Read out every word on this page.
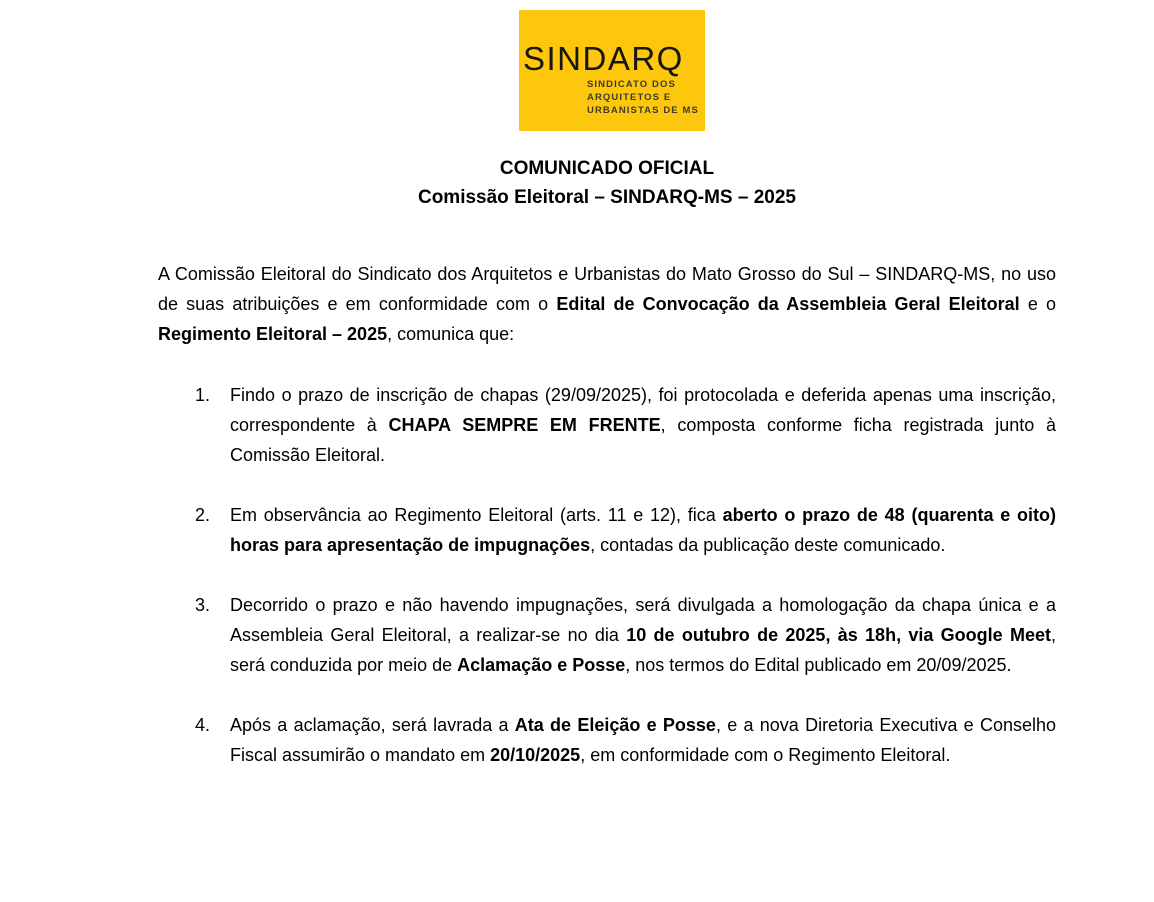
SINDARQ
SINDICATO DOS
ARQUITETOS E
URBANISTAS DE MS
COMUNICADO OFICIAL
Comissão Eleitoral – SINDARQ-MS – 2025

A Comissão Eleitoral do Sindicato dos Arquitetos e Urbanistas do Mato Grosso do Sul – SINDARQ-MS, no uso de suas atribuições e em conformidade com o Edital de Convocação da Assembleia Geral Eleitoral e o Regimento Eleitoral – 2025, comunica que:

1.	Findo o prazo de inscrição de chapas (29/09/2025), foi protocolada e deferida apenas uma inscrição, correspondente à CHAPA SEMPRE EM FRENTE, composta conforme ficha registrada junto à Comissão Eleitoral.
2.	Em observância ao Regimento Eleitoral (arts. 11 e 12), fica aberto o prazo de 48 (quarenta e oito) horas para apresentação de impugnações, contadas da publicação deste comunicado.
3.	Decorrido o prazo e não havendo impugnações, será divulgada a homologação da chapa única e a Assembleia Geral Eleitoral, a realizar-se no dia 10 de outubro de 2025, às 18h, via Google Meet, será conduzida por meio de Aclamação e Posse, nos termos do Edital publicado em 20/09/2025.
4.	Após a aclamação, será lavrada a Ata de Eleição e Posse, e a nova Diretoria Executiva e Conselho Fiscal assumirão o mandato em 20/10/2025, em conformidade com o Regimento Eleitoral.
